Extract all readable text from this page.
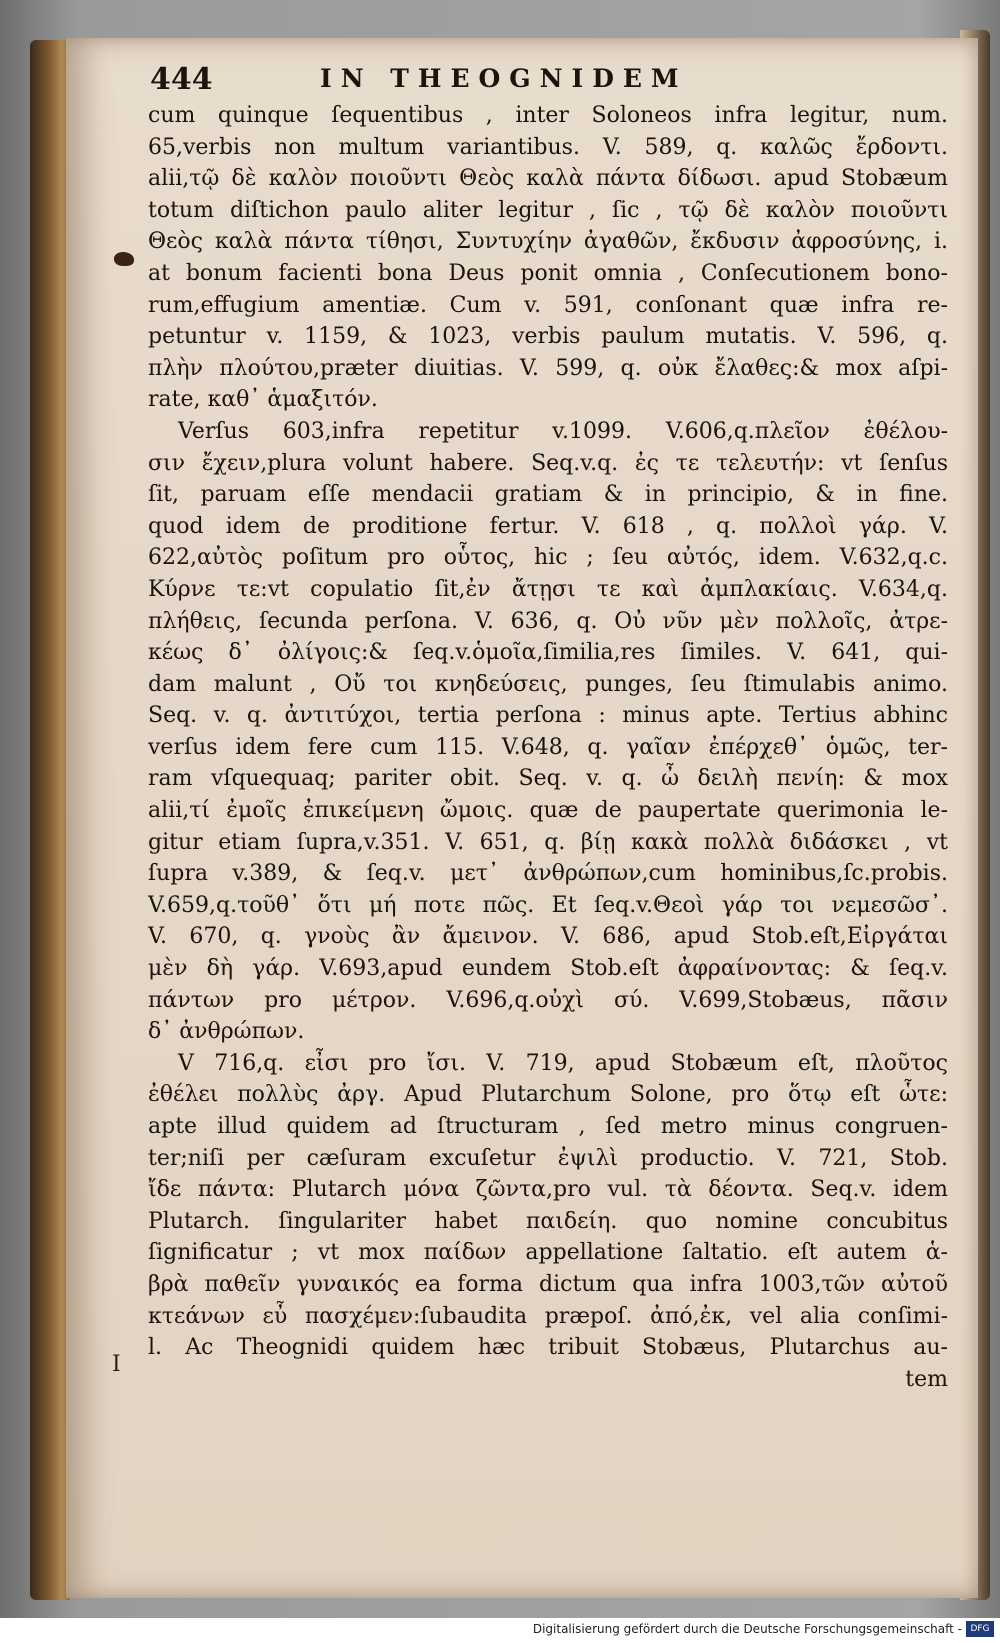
444	IN THEOGNIDEM
cum quinque ſequentibus , inter Soloneos infra legitur, num.
65,verbis non multum variantibus. V. 589, q. καλῶς ἔρδοντι.
alii,τῷ δὲ καλὸν ποιοῦντι Θεὸς καλὰ πάντα δίδωσι. apud Stobæum
totum diſtichon paulo aliter legitur , ſic , τῷ δὲ καλὸν ποιοῦντι
Θεὸς καλὰ πάντα τίθησι, Συντυχίην ἀγαθῶν, ἔκδυσιν ἀφροσύνης, i.
at bonum facienti bona Deus ponit omnia , Conſecutionem bono-
rum,effugium amentiæ. Cum v. 591, conſonant quæ infra re-
petuntur v. 1159, & 1023, verbis paulum mutatis. V. 596, q.
πλὴν πλούτου,præter diuitias. V. 599, q. οὐκ ἔλαθες:& mox aſpi-
rate, καθ᾽ ἁμαξιτόν.
Verſus 603,infra repetitur v.1099. V.606,q.πλεῖον ἐθέλου-
σιν ἔχειν,plura volunt habere. Seq.v.q. ἐς τε τελευτήν: vt ſenſus
ſit, paruam eſſe mendacii gratiam & in principio, & in fine.
quod idem de proditione fertur. V. 618 , q. πολλοὶ γάρ. V.
622,αὐτὸς poſitum pro οὗτος, hic ; ſeu αὐτός, idem. V.632,q.c.
Κύρνε τε:vt copulatio ſit,ἐν ἄτῃσι τε καὶ ἀμπλακίαις. V.634,q.
πλήθεις, ſecunda perſona. V. 636, q. Οὐ νῦν μὲν πολλοῖς, ἀτρε-
κέως δ᾽ ὀλίγοις:& ſeq.v.ὁμοῖα,ſimilia,res ſimiles. V. 641, qui-
dam malunt , Οὔ τοι κνηδεύσεις, punges, ſeu ſtimulabis animo.
Seq. v. q. ἀντιτύχοι, tertia perſona : minus apte. Tertius abhinc
verſus idem fere cum 115. V.648, q. γαῖαν ἐπέρχεθ᾽ ὁμῶς, ter-
ram vſquequaq; pariter obit. Seq. v. q. ὦ δειλὴ πενίη: & mox
alii,τί ἐμοῖς ἐπικείμενη ὤμοις. quæ de paupertate querimonia le-
gitur etiam ſupra,v.351. V. 651, q. βίῃ κακὰ πολλὰ διδάσκει , vt
ſupra v.389, & ſeq.v. μετ᾽ ἀνθρώπων,cum hominibus,ſc.probis.
V.659,q.τοῦθ᾽ ὅτι μή ποτε πῶς. Et ſeq.v.Θεοὶ γάρ τοι νεμεσῶσ᾽.
V. 670, q. γνοὺς ἂν ἄμεινον. V. 686, apud Stob.eſt,Εἰργάται
μὲν δὴ γάρ. V.693,apud eundem Stob.eſt ἀφραίνοντας: & ſeq.v.
πάντων pro μέτρον. V.696,q.οὐχὶ σύ. V.699,Stobæus, πᾶσιν
δ᾽ ἀνθρώπων.
V 716,q. εἶσι pro ἴσι. V. 719, apud Stobæum eſt, πλοῦτος
ἐθέλει πολλὺς ἀργ. Apud Plutarchum Solone, pro ὅτῳ eſt ὧτε:
apte illud quidem ad ſtructuram , ſed metro minus congruen-
ter;niſi per cæſuram excuſetur ἐψιλὶ productio. V. 721, Stob.
ἴδε πάντα: Plutarch μόνα ζῶντα,pro vul. τὰ δέοντα. Seq.v. idem
Plutarch. ſingulariter habet παιδείη. quo nomine concubitus
ſignificatur ; vt mox παίδων appellatione ſaltatio. eſt autem ἁ-
βρὰ παθεῖν γυναικός ea forma dictum qua infra 1003,τῶν αὐτοῦ
κτεάνων εὖ πασχέμεν:ſubaudita præpoſ. ἀπό,ἐκ, vel alia conſimi-
l. Ac Theognidi quidem hæc tribuit Stobæus, Plutarchus au-
tem
I
Digitalisierung gefördert durch die Deutsche Forschungsgemeinschaft - DFG
